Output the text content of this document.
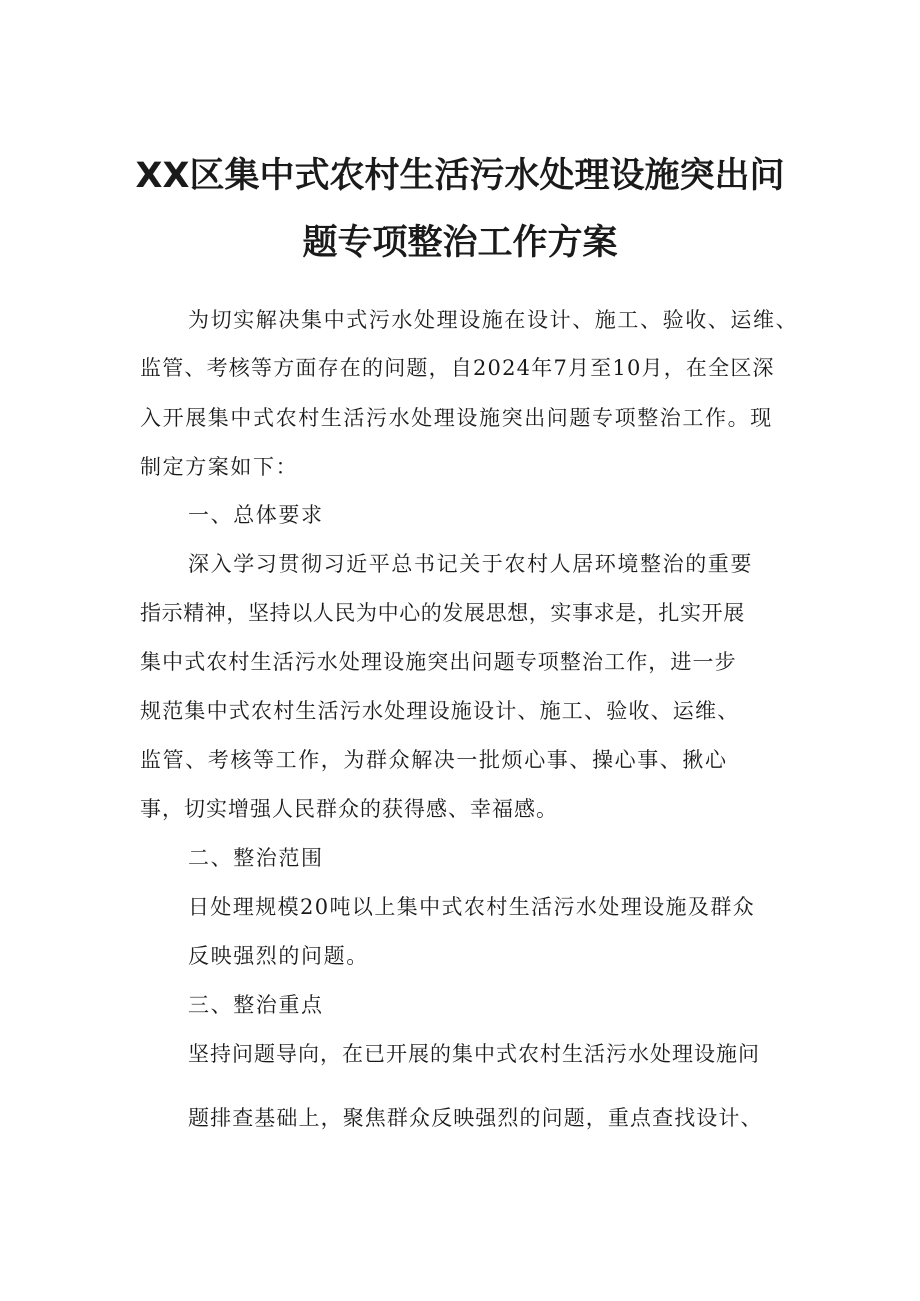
XX区集中式农村生活污水处理设施突出问
题专项整治工作方案

为切实解决集中式污水处理设施在设计、施工、验收、运维、

监管、考核等方面存在的问题，自2024年7月至10月，在全区深

入开展集中式农村生活污水处理设施突出问题专项整治工作。现

制定方案如下：

一、总体要求

深入学习贯彻习近平总书记关于农村人居环境整治的重要

指示精神，坚持以人民为中心的发展思想，实事求是，扎实开展

集中式农村生活污水处理设施突出问题专项整治工作，进一步

规范集中式农村生活污水处理设施设计、施工、验收、运维、

监管、考核等工作，为群众解决一批烦心事、操心事、揪心

事，切实增强人民群众的获得感、幸福感。

二、整治范围

日处理规模20吨以上集中式农村生活污水处理设施及群众

反映强烈的问题。

三、整治重点

坚持问题导向，在已开展的集中式农村生活污水处理设施问

题排查基础上，聚焦群众反映强烈的问题，重点查找设计、
